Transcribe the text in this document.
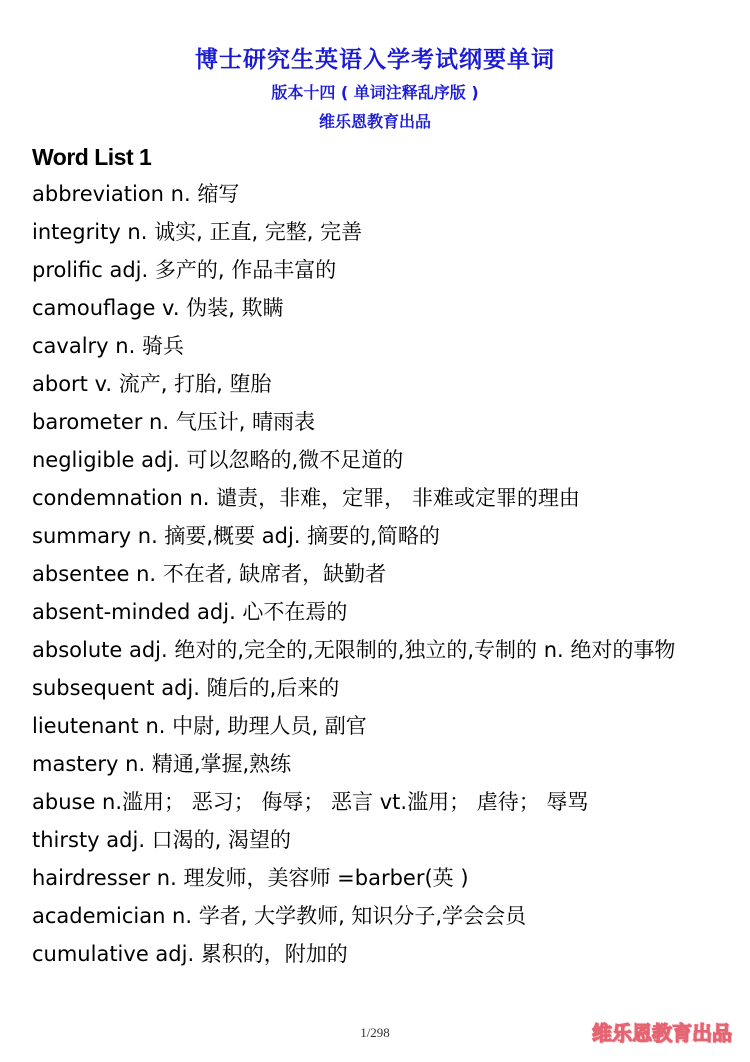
博士研究生英语入学考试纲要单词
版本十四 ( 单词注释乱序版 )
维乐恩教育出品
Word List 1
abbreviation n. 缩写
integrity n. 诚实, 正直, 完整, 完善
prolific adj. 多产的, 作品丰富的
camouflage v. 伪装, 欺瞒
cavalry n. 骑兵
abort v. 流产, 打胎, 堕胎
barometer n. 气压计, 晴雨表
negligible adj. 可以忽略的,微不足道的
condemnation n. 谴责，非难，定罪， 非难或定罪的理由
summary n. 摘要,概要 adj. 摘要的,简略的
absentee n. 不在者, 缺席者，缺勤者
absent-minded adj. 心不在焉的
absolute adj. 绝对的,完全的,无限制的,独立的,专制的 n. 绝对的事物
subsequent adj. 随后的,后来的
lieutenant n. 中尉, 助理人员, 副官
mastery n. 精通,掌握,熟练
abuse n.滥用； 恶习； 侮辱； 恶言 vt.滥用； 虐待； 辱骂
thirsty adj. 口渴的, 渴望的
hairdresser n. 理发师，美容师 =barber(英 )
academician n. 学者, 大学教师, 知识分子,学会会员
cumulative adj. 累积的，附加的
1/298	维乐恩教育出品
